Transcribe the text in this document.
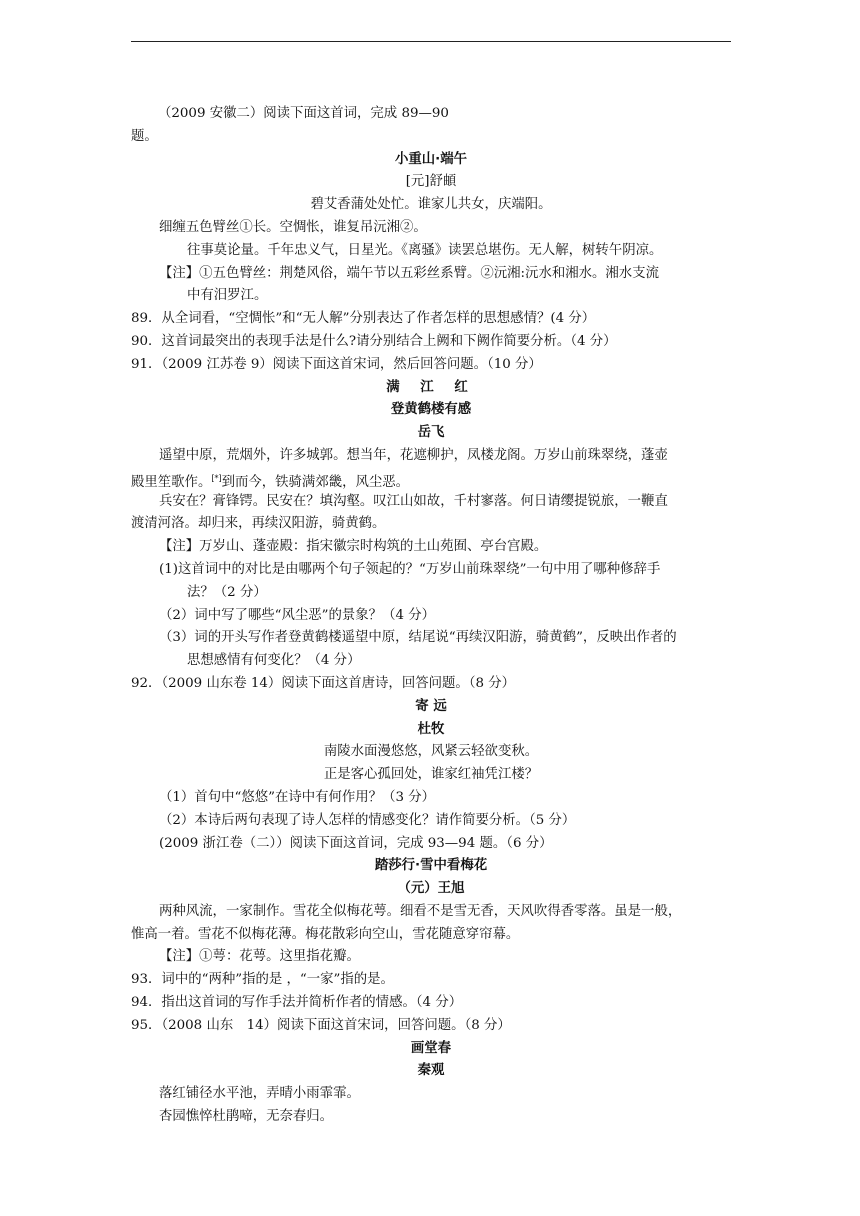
（2009 安徽二）阅读下面这首词，完成 89—90
题。
小重山·端午
[元]舒頔
碧艾香蒲处处忙。谁家儿共女，庆端阳。
细缠五色臂丝①长。空惆怅，谁复吊沅湘②。
往事莫论量。千年忠义气，日星光。《离骚》读罢总堪伤。无人解，树转午阴凉。
【注】①五色臂丝：荆楚风俗，端午节以五彩丝系臂。②沅湘:沅水和湘水。湘水支流
中有汨罗江。
89．从全词看，“空惆怅”和“无人解”分别表达了作者怎样的思想感情？(4 分）
90．这首词最突出的表现手法是什么?请分别结合上阙和下阙作简要分析。（4 分）
91．（2009 江苏卷 9）阅读下面这首宋词，然后回答问题。（10 分）
满 江 红
登黄鹤楼有感
岳飞
遥望中原，荒烟外，许多城郭。想当年，花遮柳护，凤楼龙阁。万岁山前珠翠绕，蓬壶
殿里笙歌作。[*]到而今，铁骑满郊畿，风尘恶。
兵安在？膏锋锷。民安在？填沟壑。叹江山如故，千村寥落。何日请缨提锐旅，一鞭直
渡清河洛。却归来，再续汉阳游，骑黄鹤。
【注】万岁山、蓬壶殿：指宋徽宗时构筑的土山苑囿、亭台宫殿。
(1)这首词中的对比是由哪两个句子领起的？“万岁山前珠翠绕”一句中用了哪种修辞手
法？（2 分）
（2）词中写了哪些“风尘恶”的景象？（4 分）
（3）词的开头写作者登黄鹤楼遥望中原，结尾说“再续汉阳游，骑黄鹤”，反映出作者的
思想感情有何变化？（4 分）
92．（2009 山东卷 14）阅读下面这首唐诗，回答问题。（8 分）
寄 远
杜牧
南陵水面漫悠悠，风紧云轻欲变秋。
正是客心孤回处，谁家红袖凭江楼？
（1）首句中“悠悠”在诗中有何作用？（3 分）
（2）本诗后两句表现了诗人怎样的情感变化？请作简要分析。（5 分）
(2009 浙江卷（二））阅读下面这首词，完成 93—94 题。（6 分）
踏莎行·雪中看梅花
（元）王旭
两种风流，一家制作。雪花全似梅花萼。细看不是雪无香，天风吹得香零落。虽是一般，
惟高一着。雪花不似梅花薄。梅花散彩向空山，雪花随意穿帘幕。
【注】①萼：花萼。这里指花瓣。
93．词中的“两种”指的是 ，“一家”指的是。
94．指出这首词的写作手法并简析作者的情感。（4 分）
95．（2008 山东　14）阅读下面这首宋词，回答问题。（8 分）
画堂春
秦观
落红铺径水平池，弄晴小雨霏霏。
杏园憔悴杜鹃啼，无奈春归。
